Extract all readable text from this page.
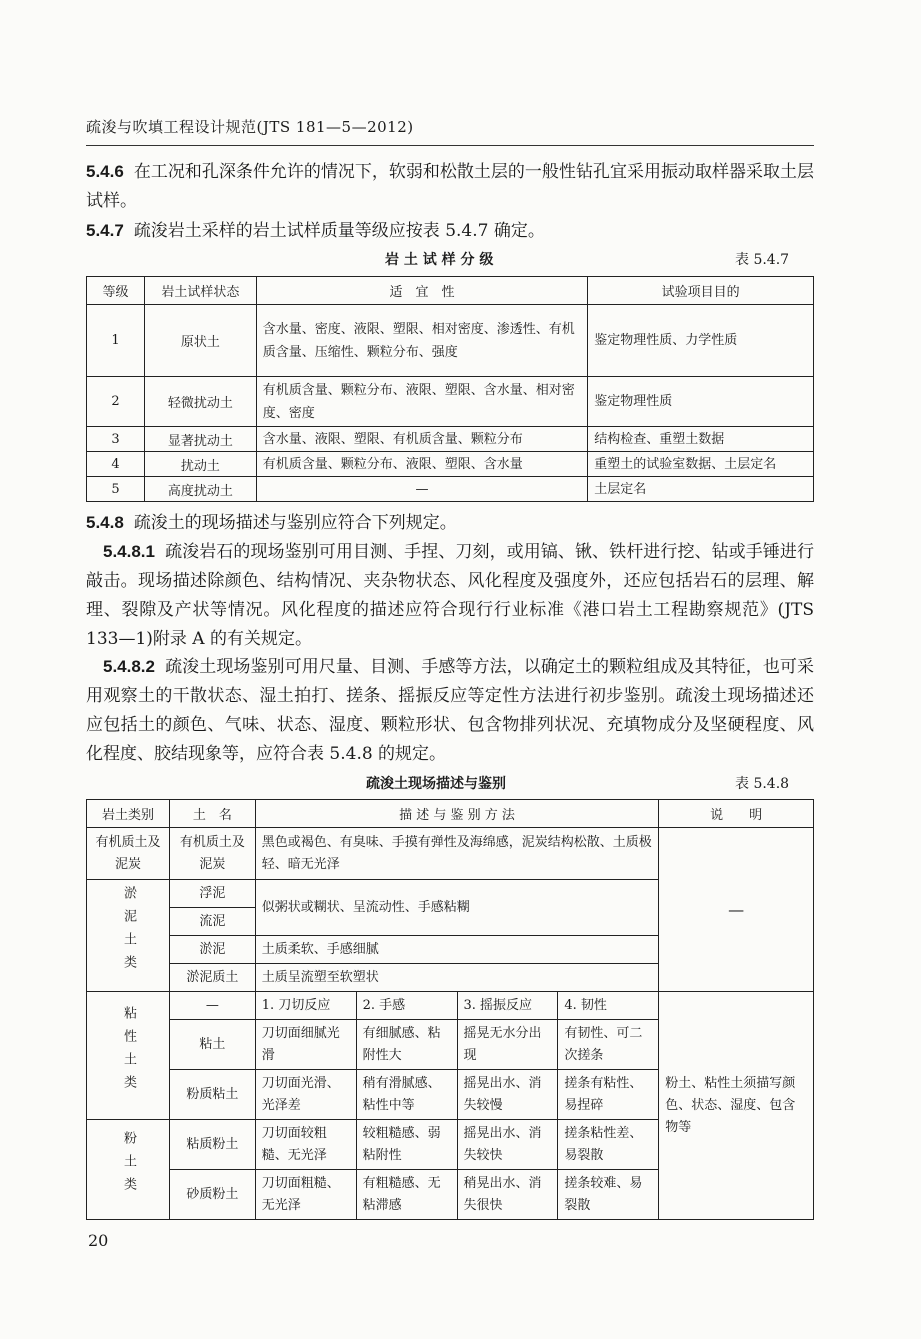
疏浚与吹填工程设计规范(JTS 181—5—2012)
5.4.6 在工况和孔深条件允许的情况下，软弱和松散土层的一般性钻孔宜采用振动取样器采取土层试样。
5.4.7 疏浚岩土采样的岩土试样质量等级应按表 5.4.7 确定。
岩 土 试 样 分 级	表 5.4.7
等级	岩土试样状态	适　宜　性	试验项目目的
1	原状土	含水量、密度、液限、塑限、相对密度、渗透性、有机质含量、压缩性、颗粒分布、强度	鉴定物理性质、力学性质
2	轻微扰动土	有机质含量、颗粒分布、液限、塑限、含水量、相对密度、密度	鉴定物理性质
3	显著扰动土	含水量、液限、塑限、有机质含量、颗粒分布	结构检查、重塑土数据
4	扰动土	有机质含量、颗粒分布、液限、塑限、含水量	重塑土的试验室数据、土层定名
5	高度扰动土	—	土层定名
5.4.8 疏浚土的现场描述与鉴别应符合下列规定。
5.4.8.1 疏浚岩石的现场鉴别可用目测、手捏、刀刻，或用镐、锹、铁杆进行挖、钻或手锤进行敲击。现场描述除颜色、结构情况、夹杂物状态、风化程度及强度外，还应包括岩石的层理、解理、裂隙及产状等情况。风化程度的描述应符合现行行业标准《港口岩土工程勘察规范》(JTS 133—1)附录 A 的有关规定。
5.4.8.2 疏浚土现场鉴别可用尺量、目测、手感等方法，以确定土的颗粒组成及其特征，也可采用观察土的干散状态、湿土拍打、搓条、摇振反应等定性方法进行初步鉴别。疏浚土现场描述还应包括土的颜色、气味、状态、湿度、颗粒形状、包含物排列状况、充填物成分及坚硬程度、风化程度、胶结现象等，应符合表 5.4.8 的规定。
疏浚土现场描述与鉴别	表 5.4.8
岩土类别	土　名	描 述 与 鉴 别 方 法				说　　明
有机质土及泥炭	有机质土及泥炭	黑色或褐色、有臭味、手摸有弹性及海绵感，泥炭结构松散、土质极轻、暗无光泽				—
淤泥土类	浮泥	似粥状或糊状、呈流动性、手感粘糊				
	流泥					
	淤泥	土质柔软、手感细腻				
	淤泥质土	土质呈流塑至软塑状				
粘性土类	—	1. 刀切反应	2. 手感	3. 摇振反应	4. 韧性	粉土、粘性土须描写颜色、状态、湿度、包含物等
	粘土	刀切面细腻光滑	有细腻感、粘附性大	摇晃无水分出现	有韧性、可二次搓条	
	粉质粘土	刀切面光滑、光泽差	稍有滑腻感、粘性中等	摇晃出水、消失较慢	搓条有粘性、易捏碎	
粉土类	粘质粉土	刀切面较粗糙、无光泽	较粗糙感、弱粘附性	摇晃出水、消失较快	搓条粘性差、易裂散	
	砂质粉土	刀切面粗糙、无光泽	有粗糙感、无粘滞感	稍晃出水、消失很快	搓条较难、易裂散	
20
